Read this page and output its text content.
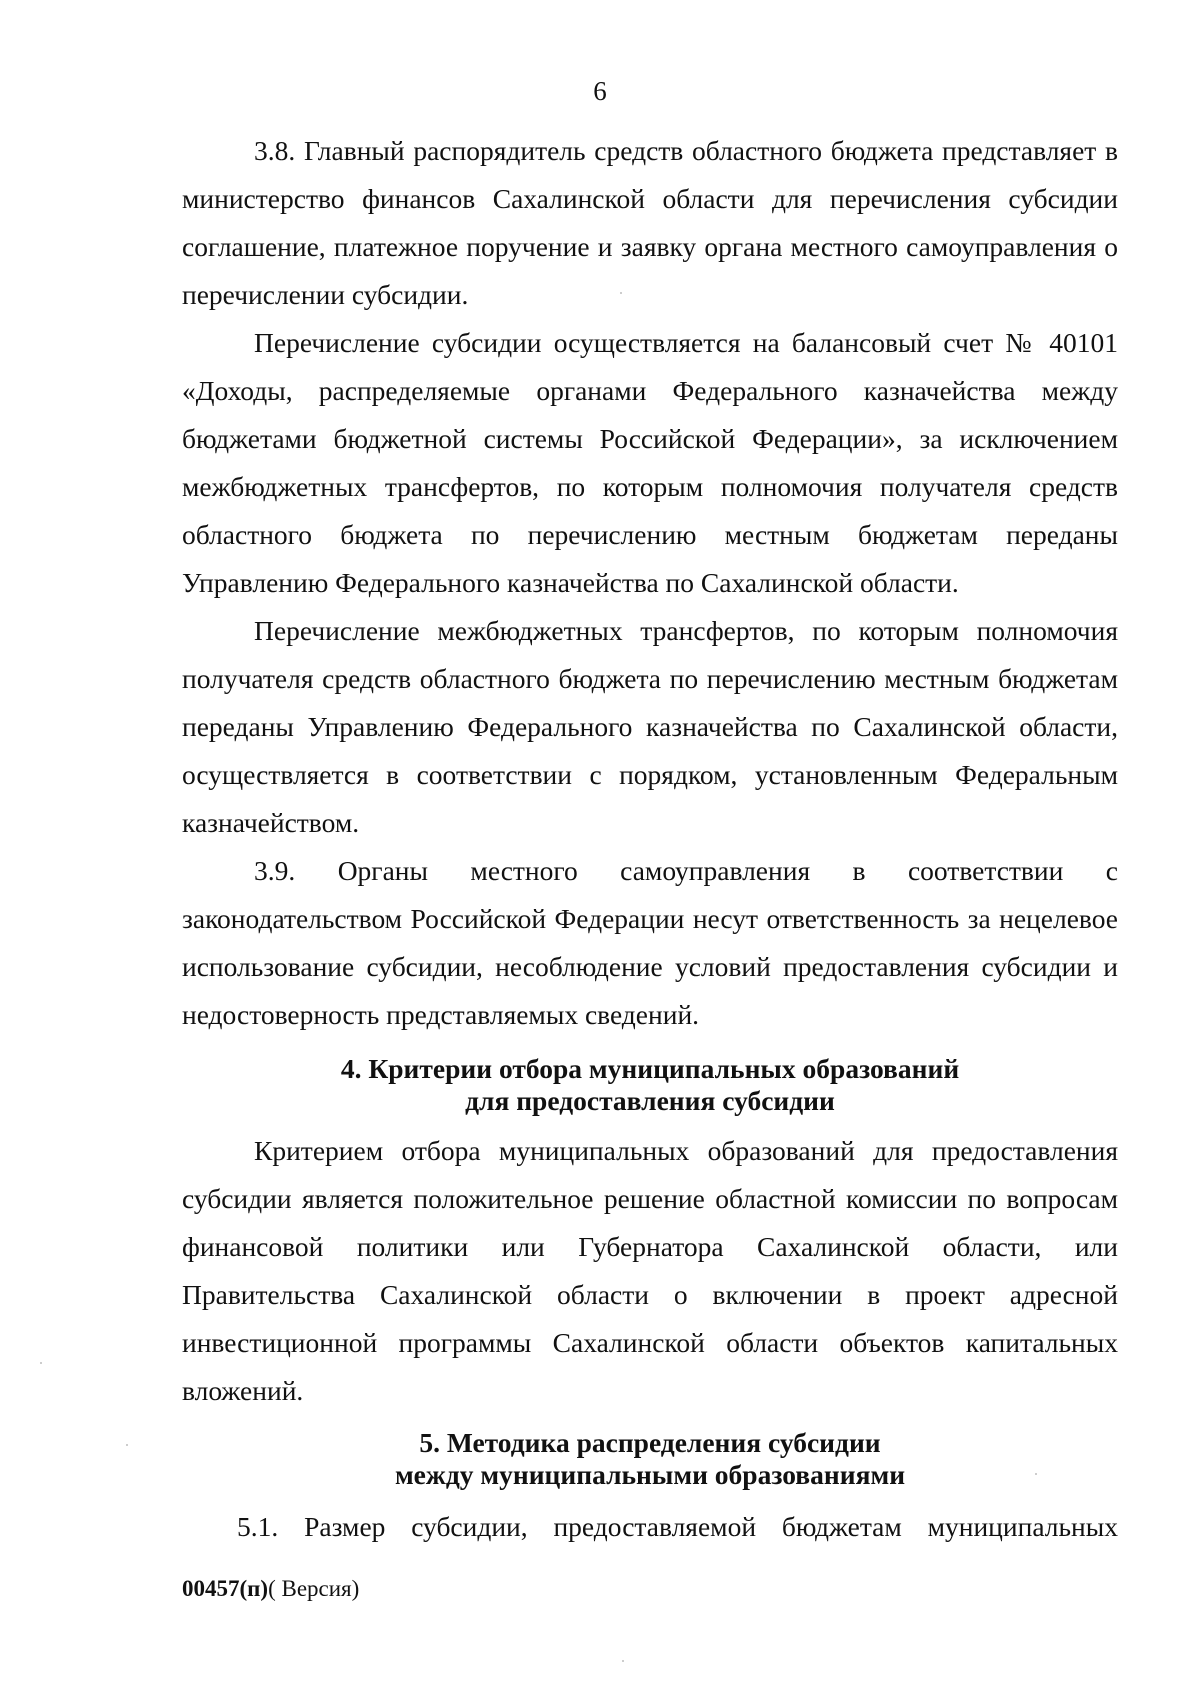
6

3.8. Главный распорядитель средств областного бюджета представляет в министерство финансов Сахалинской области для перечисления субсидии соглашение, платежное поручение и заявку органа местного самоуправления о перечислении субсидии.

Перечисление субсидии осуществляется на балансовый счет № 40101 «Доходы, распределяемые органами Федерального казначейства между бюджетами бюджетной системы Российской Федерации», за исключением межбюджетных трансфертов, по которым полномочия получателя средств областного бюджета по перечислению местным бюджетам переданы Управлению Федерального казначейства по Сахалинской области.

Перечисление межбюджетных трансфертов, по которым полномочия получателя средств областного бюджета по перечислению местным бюджетам переданы Управлению Федерального казначейства по Сахалинской области, осуществляется в соответствии с порядком, установленным Федеральным казначейством.

3.9. Органы местного самоуправления в соответствии с законодательством Российской Федерации несут ответственность за нецелевое использование субсидии, несоблюдение условий предоставления субсидии и недостоверность представляемых сведений.

4. Критерии отбора муниципальных образований
для предоставления субсидии

Критерием отбора муниципальных образований для предоставления субсидии является положительное решение областной комиссии по вопросам финансовой политики или Губернатора Сахалинской области, или Правительства Сахалинской области о включении в проект адресной инвестиционной программы Сахалинской области объектов капитальных вложений.

5. Методика распределения субсидии
между муниципальными образованиями

5.1. Размер субсидии, предоставляемой бюджетам муниципальных

00457(п)( Версия)
